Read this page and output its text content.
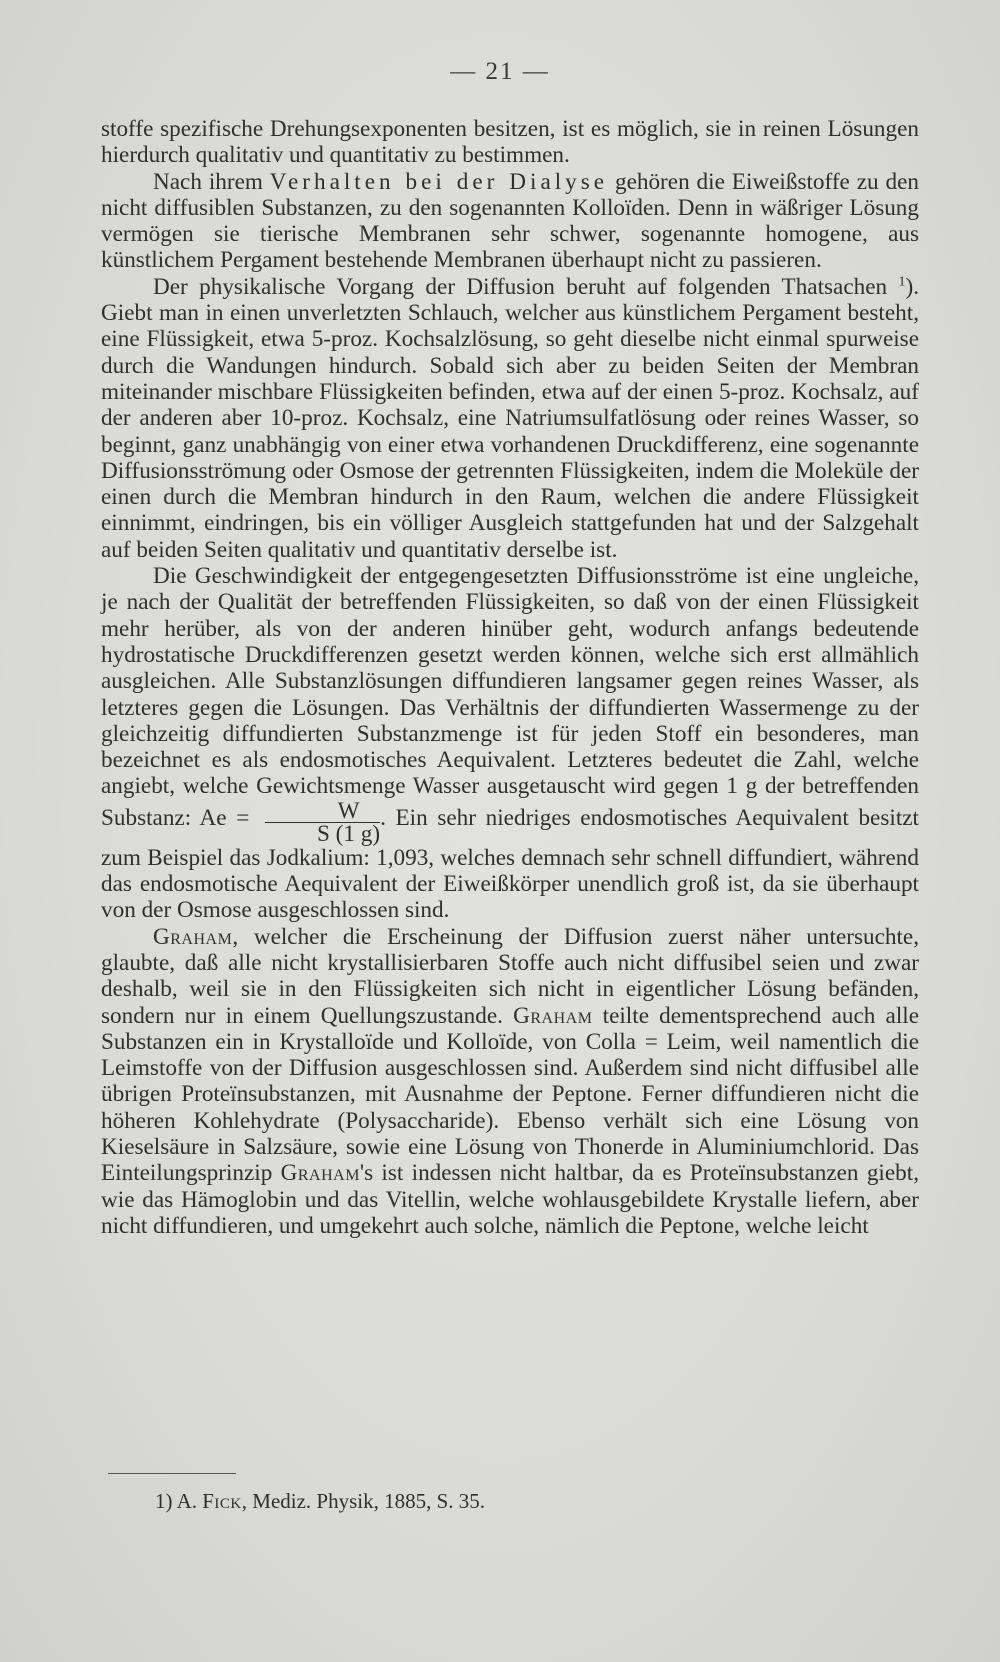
— 21 —

stoffe spezifische Drehungsexponenten besitzen, ist es möglich, sie in reinen Lösungen hierdurch qualitativ und quantitativ zu bestimmen.

Nach ihrem Verhalten bei der Dialyse gehören die Eiweißstoffe zu den nicht diffusiblen Substanzen, zu den sogenannten Kolloïden. Denn in wäßriger Lösung vermögen sie tierische Membranen sehr schwer, sogenannte homogene, aus künstlichem Pergament bestehende Membranen überhaupt nicht zu passieren.

Der physikalische Vorgang der Diffusion beruht auf folgenden Thatsachen $^1$). Giebt man in einen unverletzten Schlauch, welcher aus künstlichem Pergament besteht, eine Flüssigkeit, etwa 5-proz. Kochsalzlösung, so geht dieselbe nicht einmal spurweise durch die Wandungen hindurch. Sobald sich aber zu beiden Seiten der Membran miteinander mischbare Flüssigkeiten befinden, etwa auf der einen 5-proz. Kochsalz, auf der anderen aber 10-proz. Kochsalz, eine Natriumsulfatlösung oder reines Wasser, so beginnt, ganz unabhängig von einer etwa vorhandenen Druckdifferenz, eine sogenannte Diffusionsströmung oder Osmose der getrennten Flüssigkeiten, indem die Moleküle der einen durch die Membran hindurch in den Raum, welchen die andere Flüssigkeit einnimmt, eindringen, bis ein völliger Ausgleich stattgefunden hat und der Salzgehalt auf beiden Seiten qualitativ und quantitativ derselbe ist.

Die Geschwindigkeit der entgegengesetzten Diffusionsströme ist eine ungleiche, je nach der Qualität der betreffenden Flüssigkeiten, so daß von der einen Flüssigkeit mehr herüber, als von der anderen hinüber geht, wodurch anfangs bedeutende hydrostatische Druckdifferenzen gesetzt werden können, welche sich erst allmählich ausgleichen. Alle Substanzlösungen diffundieren langsamer gegen reines Wasser, als letzteres gegen die Lösungen. Das Verhältnis der diffundierten Wassermenge zu der gleichzeitig diffundierten Substanzmenge ist für jeden Stoff ein besonderes, man bezeichnet es als endosmotisches Aequivalent. Letzteres bedeutet die Zahl, welche angiebt, welche Gewichtsmenge Wasser ausgetauscht wird gegen 1 g der betreffenden Substanz: $Ae = \frac{W}{S (1 g)}$ . Ein sehr niedriges endosmotisches Aequivalent besitzt zum Beispiel das Jodkalium: 1,093, welches demnach sehr schnell diffundiert, während das endosmotische Aequivalent der Eiweißkörper unendlich groß ist, da sie überhaupt von der Osmose ausgeschlossen sind.

Graham, welcher die Erscheinung der Diffusion zuerst näher untersuchte, glaubte, daß alle nicht krystallisierbaren Stoffe auch nicht diffusibel seien und zwar deshalb, weil sie in den Flüssigkeiten sich nicht in eigentlicher Lösung befänden, sondern nur in einem Quellungszustande. Graham teilte dementsprechend auch alle Substanzen ein in Krystalloïde und Kolloïde, von Colla = Leim, weil namentlich die Leimstoffe von der Diffusion ausgeschlossen sind. Außerdem sind nicht diffusibel alle übrigen Proteïnsubstanzen, mit Ausnahme der Peptone. Ferner diffundieren nicht die höheren Kohlehydrate (Polysaccharide). Ebenso verhält sich eine Lösung von Kieselsäure in Salzsäure, sowie eine Lösung von Thonerde in Aluminiumchlorid. Das Einteilungsprinzip Graham's ist indessen nicht haltbar, da es Proteïnsubstanzen giebt, wie das Hämoglobin und das Vitellin, welche wohlausgebildete Krystalle liefern, aber nicht diffundieren, und umgekehrt auch solche, nämlich die Peptone, welche leicht

1) A. Fick, Mediz. Physik, 1885, S. 35.
